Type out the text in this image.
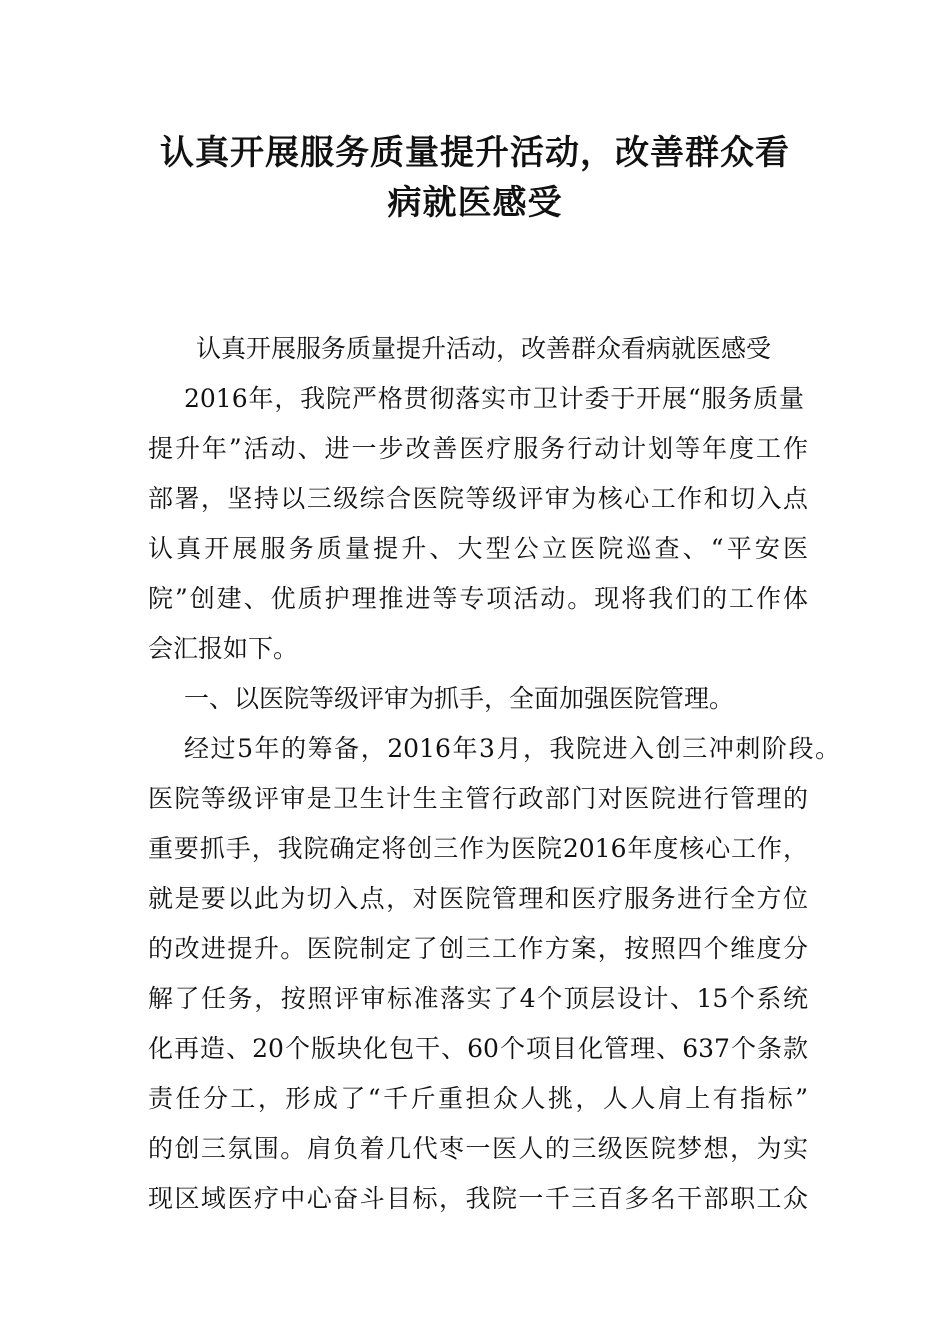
认真开展服务质量提升活动，改善群众看
病就医感受
认真开展服务质量提升活动，改善群众看病就医感受
2016年，我院严格贯彻落实市卫计委于开展“服务质量
提升年”活动、进一步改善医疗服务行动计划等年度工作
部署，坚持以三级综合医院等级评审为核心工作和切入点
认真开展服务质量提升、大型公立医院巡查、“平安医
院”创建、优质护理推进等专项活动。现将我们的工作体
会汇报如下。
一、以医院等级评审为抓手，全面加强医院管理。
经过5年的筹备，2016年3月，我院进入创三冲刺阶段。
医院等级评审是卫生计生主管行政部门对医院进行管理的
重要抓手，我院确定将创三作为医院2016年度核心工作，
就是要以此为切入点，对医院管理和医疗服务进行全方位
的改进提升。医院制定了创三工作方案，按照四个维度分
解了任务，按照评审标准落实了4个顶层设计、15个系统
化再造、20个版块化包干、60个项目化管理、637个条款
责任分工，形成了“千斤重担众人挑，人人肩上有指标”
的创三氛围。肩负着几代枣一医人的三级医院梦想，为实
现区域医疗中心奋斗目标，我院一千三百多名干部职工众
